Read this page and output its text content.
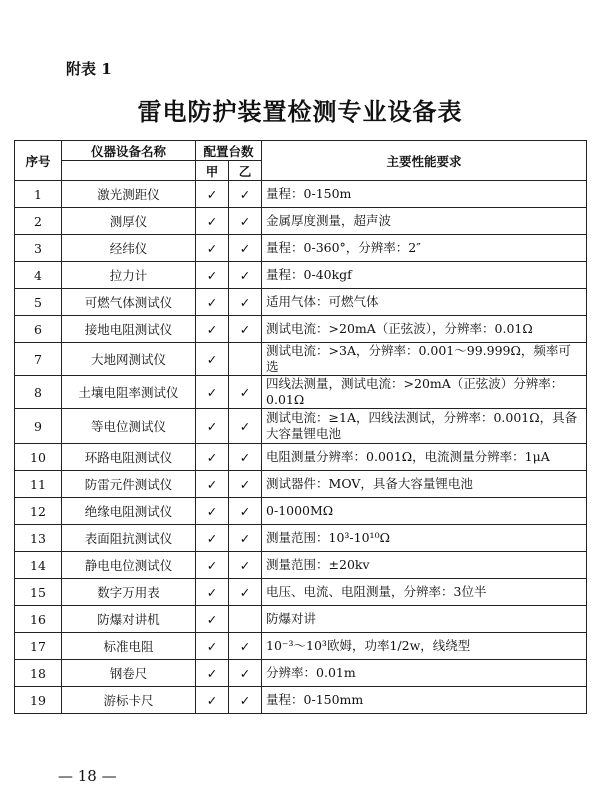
附表 1
雷电防护装置检测专业设备表
序号	仪器设备名称	配置台数		主要性能要求
		甲	乙	
1	激光测距仪	✓	✓	量程：0-150m
2	测厚仪	✓	✓	金属厚度测量，超声波
3	经纬仪	✓	✓	量程：0-360°，分辨率：2″
4	拉力计	✓	✓	量程：0-40kgf
5	可燃气体测试仪	✓	✓	适用气体：可燃气体
6	接地电阻测试仪	✓	✓	测试电流：>20mA（正弦波），分辨率：0.01Ω
7	大地网测试仪	✓		测试电流：>3A，分辨率：0.001～99.999Ω，频率可选
8	土壤电阻率测试仪	✓	✓	四线法测量，测试电流：>20mA（正弦波）分辨率：0.01Ω
9	等电位测试仪	✓	✓	测试电流：≥1A，四线法测试，分辨率：0.001Ω，具备大容量锂电池
10	环路电阻测试仪	✓	✓	电阻测量分辨率：0.001Ω，电流测量分辨率：1μA
11	防雷元件测试仪	✓	✓	测试器件：MOV，具备大容量锂电池
12	绝缘电阻测试仪	✓	✓	0-1000MΩ
13	表面阻抗测试仪	✓	✓	测量范围：10³-10¹⁰Ω
14	静电电位测试仪	✓	✓	测量范围：±20kv
15	数字万用表	✓	✓	电压、电流、电阻测量，分辨率：3位半
16	防爆对讲机	✓		防爆对讲
17	标准电阻	✓	✓	10⁻³～10³欧姆，功率1/2w，线绕型
18	钢卷尺	✓	✓	分辨率：0.01m
19	游标卡尺	✓	✓	量程：0-150mm
— 18 —
